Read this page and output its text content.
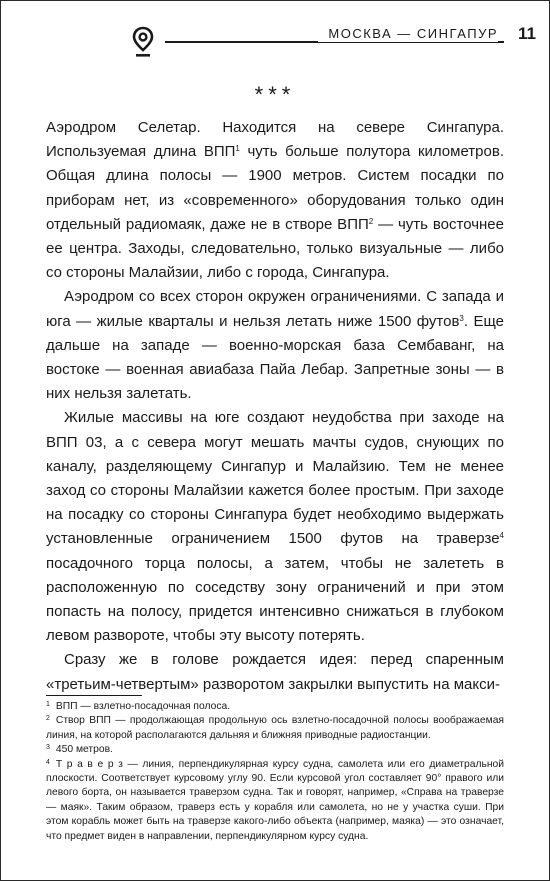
МОСКВА — СИНГАПУР 11
***

Аэродром Селетар. Находится на севере Сингапура. Используемая длина ВПП$^1$ чуть больше полутора километров. Общая длина полосы — 1900 метров. Систем посадки по приборам нет, из «современного» оборудования только один отдельный радиомаяк, даже не в створе ВПП$^2$ — чуть восточнее ее центра. Заходы, следовательно, только визуальные — либо со стороны Малайзии, либо с города, Сингапура.

Аэродром со всех сторон окружен ограничениями. С запада и юга — жилые кварталы и нельзя летать ниже 1500 футов$^3$. Еще дальше на западе — военно-морская база Сембаванг, на востоке — военная авиабаза Пайа Лебар. Запретные зоны — в них нельзя залетать.

Жилые массивы на юге создают неудобства при заходе на ВПП 03, а с севера могут мешать мачты судов, снующих по каналу, разделяющему Сингапур и Малайзию. Тем не менее заход со стороны Малайзии кажется более простым. При заходе на посадку со стороны Сингапура будет необходимо выдержать установленные ограничением 1500 футов на траверзе$^4$ посадочного торца полосы, а затем, чтобы не залететь в расположенную по соседству зону ограничений и при этом попасть на полосу, придется интенсивно снижаться в глубоком левом развороте, чтобы эту высоту потерять.

Сразу же в голове рождается идея: перед спаренным «третьим-четвертым» разворотом закрылки выпустить на макси-

$^1$ ВПП — взлетно-посадочная полоса.
$^2$ Створ ВПП — продолжающая продольную ось взлетно-посадочной полосы воображаемая линия, на которой располагаются дальняя и ближняя приводные радиостанции.
$^3$ 450 метров.
$^4$ Т р а в е р з — линия, перпендикулярная курсу судна, самолета или его диаметральной плоскости. Соответствует курсовому углу 90. Если курсовой угол составляет 90° правого или левого борта, он называется траверзом судна. Так и говорят, например, «Справа на траверзе — маяк». Таким образом, траверз есть у корабля или самолета, но не у участка суши. При этом корабль может быть на траверзе какого-либо объекта (например, маяка) — это означает, что предмет виден в направлении, перпендикулярном курсу судна.
